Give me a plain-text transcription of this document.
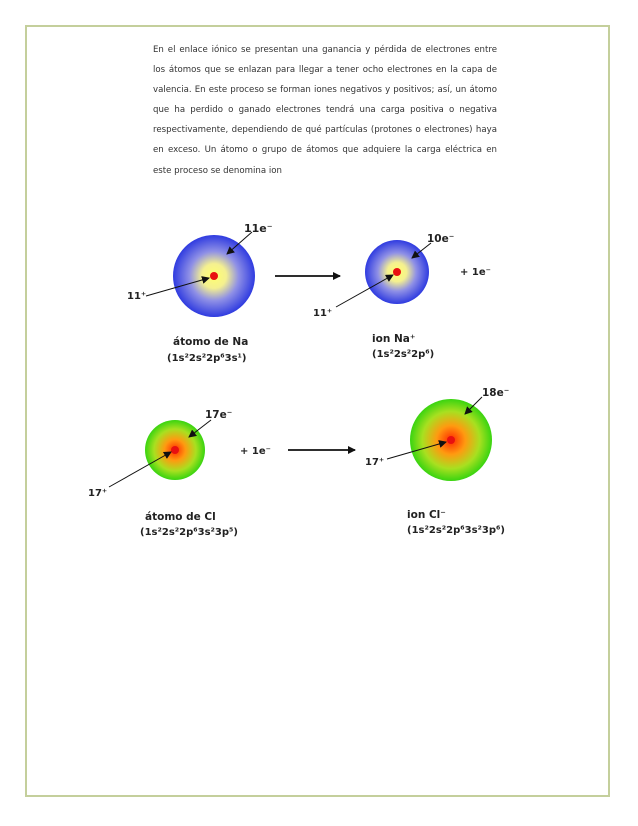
En el enlace iónico se presentan una ganancia y pérdida de electrones entre los átomos que se enlazan para llegar a tener ocho electrones en la capa de valencia. En este proceso se forman iones negativos y positivos; así, un átomo que ha perdido o ganado electrones tendrá una carga positiva o negativa respectivamente, dependiendo de qué partículas (protones o electrones) haya en exceso. Un átomo o grupo de átomos que adquiere la carga eléctrica en este proceso se denomina ion

11e⁻
11⁺
átomo de Na
(1s²2s²2p⁶3s¹)
10e⁻
11⁺
ion Na⁺
(1s²2s²2p⁶)
+ 1e⁻
17e⁻
17⁺
átomo de Cl
(1s²2s²2p⁶3s²3p⁵)
+ 1e⁻
18e⁻
17⁺
ion Cl⁻
(1s²2s²2p⁶3s²3p⁶)
